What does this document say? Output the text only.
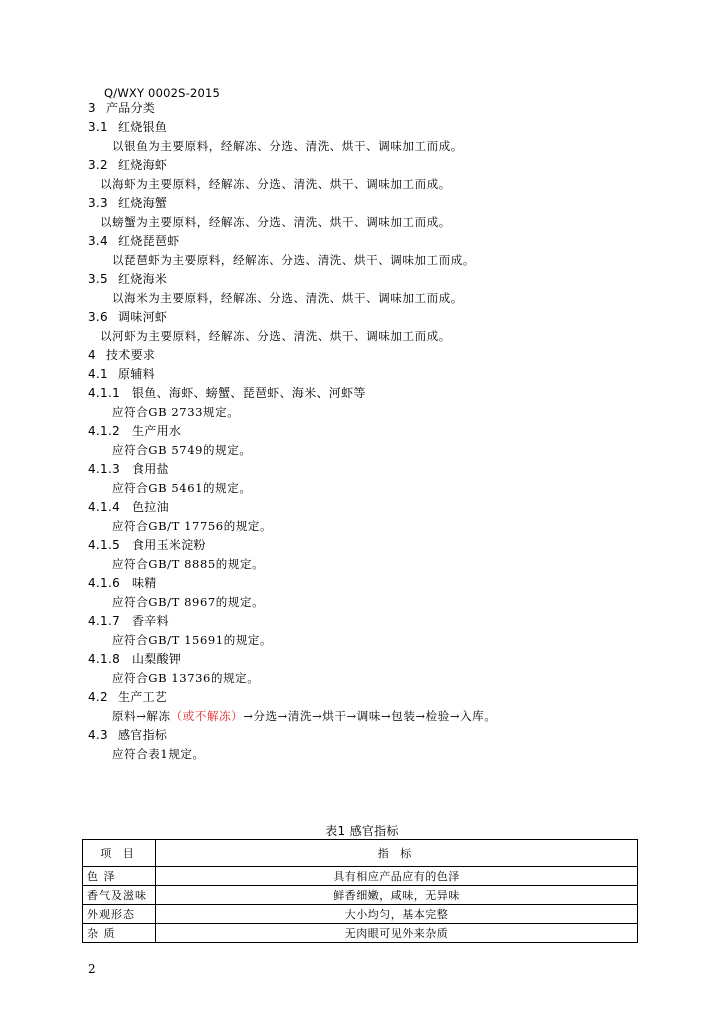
Q/WXY 0002S-2015
3 产品分类
3.1 红烧银鱼
以银鱼为主要原料，经解冻、分选、清洗、烘干、调味加工而成。
3.2 红烧海虾
以海虾为主要原料，经解冻、分选、清洗、烘干、调味加工而成。
3.3 红烧海蟹
以螃蟹为主要原料，经解冻、分选、清洗、烘干、调味加工而成。
3.4 红烧琵琶虾
以琵琶虾为主要原料，经解冻、分选、清洗、烘干、调味加工而成。
3.5 红烧海米
以海米为主要原料，经解冻、分选、清洗、烘干、调味加工而成。
3.6 调味河虾
以河虾为主要原料，经解冻、分选、清洗、烘干、调味加工而成。
4 技术要求
4.1 原辅料
4.1.1 银鱼、海虾、螃蟹、琵琶虾、海米、河虾等
应符合GB 2733规定。
4.1.2 生产用水
应符合GB 5749的规定。
4.1.3 食用盐
应符合GB 5461的规定。
4.1.4 色拉油
应符合GB/T 17756的规定。
4.1.5 食用玉米淀粉
应符合GB/T 8885的规定。
4.1.6 味精
应符合GB/T 8967的规定。
4.1.7 香辛料
应符合GB/T 15691的规定。
4.1.8 山梨酸钾
应符合GB 13736的规定。
4.2 生产工艺
原料→解冻（或不解冻）→分选→清洗→烘干→调味→包装→检验→入库。
4.3 感官指标
应符合表1规定。
表1 感官指标
项 目	指 标
色 泽	具有相应产品应有的色泽
香气及滋味	鲜香细嫩，咸味，无异味
外观形态	大小均匀，基本完整
杂 质	无肉眼可见外来杂质
2
